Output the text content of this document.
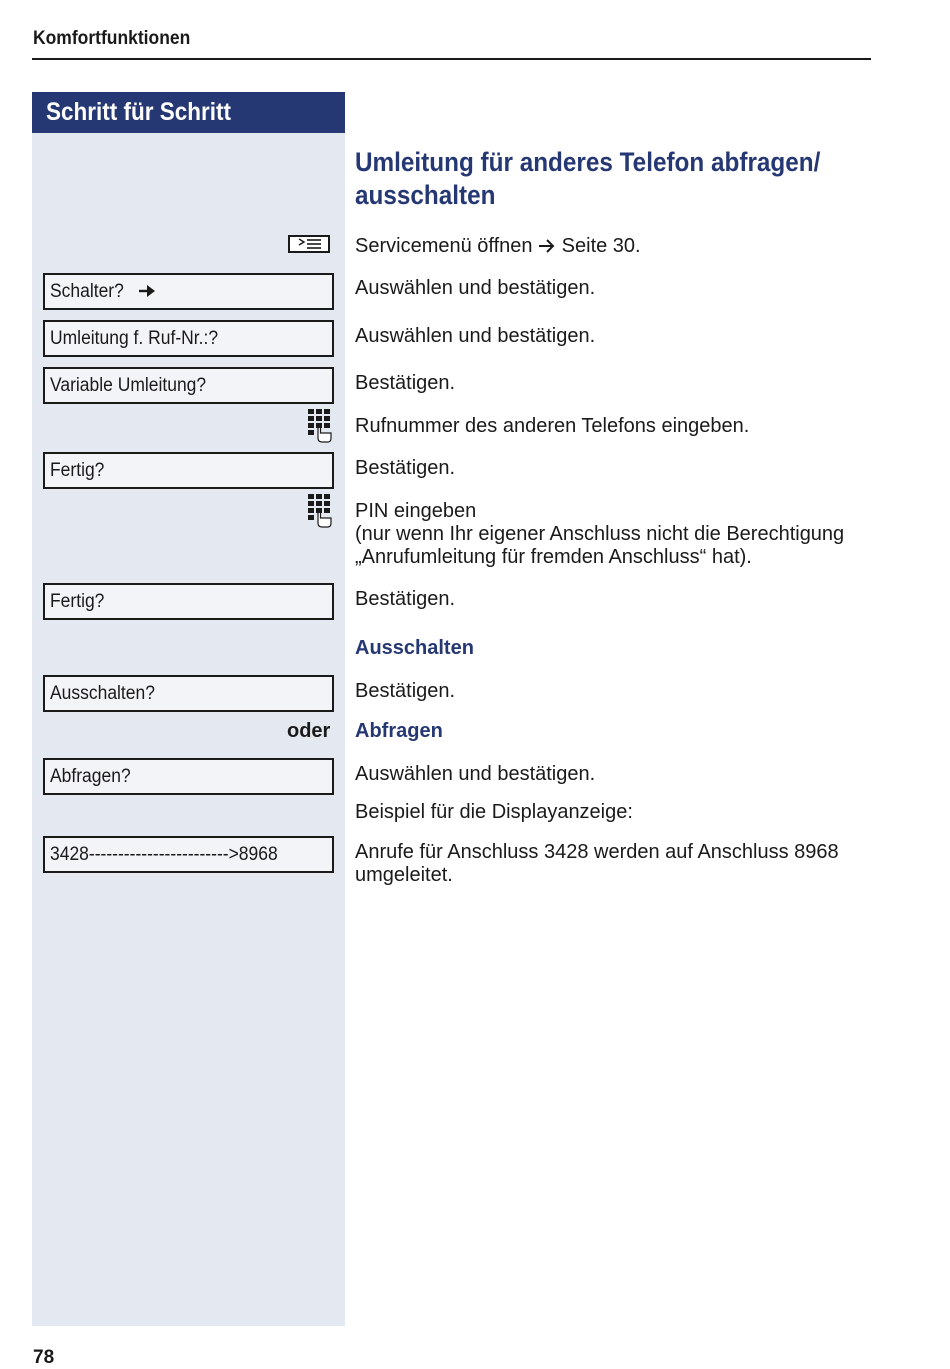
Komfortfunktionen
Schritt für Schritt
Umleitung für anderes Telefon abfragen/
ausschalten
Servicemenü öffnen Seite 30.
Schalter?	Auswählen und bestätigen.
Umleitung f. Ruf-Nr.:?	Auswählen und bestätigen.
Variable Umleitung?	Bestätigen.
Rufnummer des anderen Telefons eingeben.
Fertig?	Bestätigen.
PIN eingeben
(nur wenn Ihr eigener Anschluss nicht die Berechtigung
„Anrufumleitung für fremden Anschluss“ hat).
Fertig?	Bestätigen.
Ausschalten
Ausschalten?	Bestätigen.
oder Abfragen
Abfragen?	Auswählen und bestätigen.
Beispiel für die Displayanzeige:
3428------------------------>8968	Anrufe für Anschluss 3428 werden auf Anschluss 8968
umgeleitet.
78
